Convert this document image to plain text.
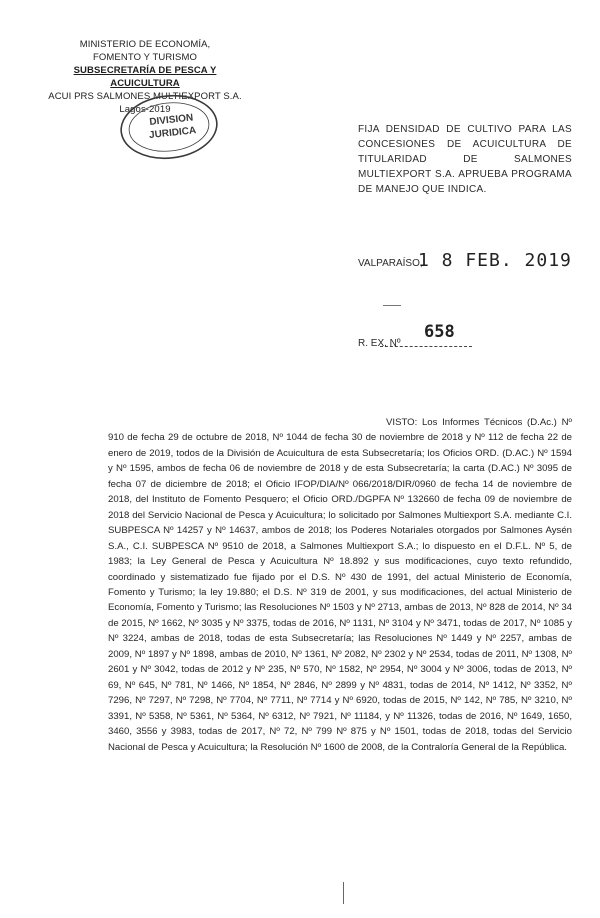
MINISTERIO DE ECONOMÍA,
FOMENTO Y TURISMO
SUBSECRETARÍA DE PESCA Y ACUICULTURA
ACUI PRS SALMONES MULTIEXPORT S.A.
Lagos-2019
DIVISION
JURIDICA	FIJA DENSIDAD DE CULTIVO PARA LAS CONCESIONES DE ACUICULTURA DE TITULARIDAD DE SALMONES MULTIEXPORT S.A. APRUEBA PROGRAMA DE MANEJO QUE INDICA.
VALPARAÍSO,
1 8 FEB. 2019
658
R. EX. Nº
VISTO: Los Informes Técnicos (D.Ac.) Nº 910 de fecha 29 de octubre de 2018, Nº 1044 de fecha 30 de noviembre de 2018 y Nº 112 de fecha 22 de enero de 2019, todos de la División de Acuicultura de esta Subsecretaría; los Oficios ORD. (D.AC.) Nº 1594 y Nº 1595, ambos de fecha 06 de noviembre de 2018 y de esta Subsecretaría; la carta (D.AC.) Nº 3095 de fecha 07 de diciembre de 2018; el Oficio IFOP/DIA/Nº 066/2018/DIR/0960 de fecha 14 de noviembre de 2018, del Instituto de Fomento Pesquero; el Oficio ORD./DGPFA Nº 132660 de fecha 09 de noviembre de 2018 del Servicio Nacional de Pesca y Acuicultura; lo solicitado por Salmones Multiexport S.A. mediante C.I. SUBPESCA Nº 14257 y Nº 14637, ambos de 2018; los Poderes Notariales otorgados por Salmones Aysén S.A., C.I. SUBPESCA Nº 9510 de 2018, a Salmones Multiexport S.A.; lo dispuesto en el D.F.L. Nº 5, de 1983; la Ley General de Pesca y Acuicultura Nº 18.892 y sus modificaciones, cuyo texto refundido, coordinado y sistematizado fue fijado por el D.S. Nº 430 de 1991, del actual Ministerio de Economía, Fomento y Turismo; la ley 19.880; el D.S. Nº 319 de 2001, y sus modificaciones, del actual Ministerio de Economía, Fomento y Turismo; las Resoluciones Nº 1503 y Nº 2713, ambas de 2013, Nº 828 de 2014, Nº 34 de 2015, Nº 1662, Nº 3035 y Nº 3375, todas de 2016, Nº 1131, Nº 3104 y Nº 3471, todas de 2017, Nº 1085 y Nº 3224, ambas de 2018, todas de esta Subsecretaría; las Resoluciones Nº 1449 y Nº 2257, ambas de 2009, Nº 1897 y Nº 1898, ambas de 2010, Nº 1361, Nº 2082, Nº 2302 y Nº 2534, todas de 2011, Nº 1308, Nº 2601 y Nº 3042, todas de 2012 y Nº 235, Nº 570, Nº 1582, Nº 2954, Nº 3004 y Nº 3006, todas de 2013, Nº 69, Nº 645, Nº 781, Nº 1466, Nº 1854, Nº 2846, Nº 2899 y Nº 4831, todas de 2014, Nº 1412, Nº 3352, Nº 7296, Nº 7297, Nº 7298, Nº 7704, Nº 7711, Nº 7714 y Nº 6920, todas de 2015, Nº 142, Nº 785, Nº 3210, Nº 3391, Nº 5358, Nº 5361, Nº 5364, Nº 6312, Nº 7921, Nº 11184, y Nº 11326, todas de 2016, Nº 1649, 1650, 3460, 3556 y 3983, todas de 2017, Nº 72, Nº 799 Nº 875 y Nº 1501, todas de 2018, todas del Servicio Nacional de Pesca y Acuicultura; la Resolución Nº 1600 de 2008, de la Contraloría General de la República.
